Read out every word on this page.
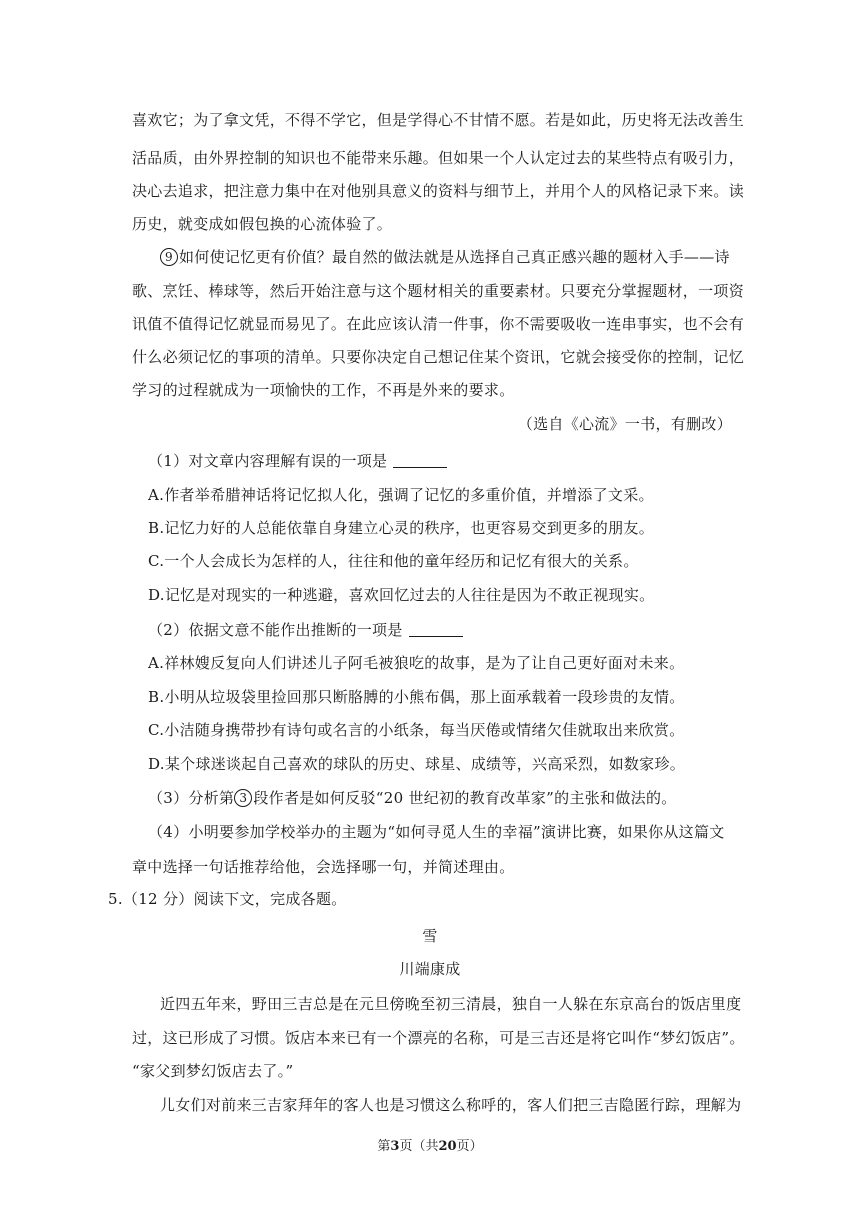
喜欢它；为了拿文凭，不得不学它，但是学得心不甘情不愿。若是如此，历史将无法改善生
活品质，由外界控制的知识也不能带来乐趣。但如果一个人认定过去的某些特点有吸引力，
决心去追求，把注意力集中在对他别具意义的资料与细节上，并用个人的风格记录下来。读
历史，就变成如假包换的心流体验了。
9 如何使记忆更有价值？最自然的做法就是从选择自己真正感兴趣的题材入手——诗
歌、烹饪、棒球等，然后开始注意与这个题材相关的重要素材。只要充分掌握题材，一项资
讯值不值得记忆就显而易见了。在此应该认清一件事，你不需要吸收一连串事实，也不会有
什么必须记忆的事项的清单。只要你决定自己想记住某个资讯，它就会接受你的控制，记忆
学习的过程就成为一项愉快的工作，不再是外来的要求。
（选自《心流》一书，有删改）
（1）对文章内容理解有误的一项是
A.作者举希腊神话将记忆拟人化，强调了记忆的多重价值，并增添了文采。
B.记忆力好的人总能依靠自身建立心灵的秩序，也更容易交到更多的朋友。
C.一个人会成长为怎样的人，往往和他的童年经历和记忆有很大的关系。
D.记忆是对现实的一种逃避，喜欢回忆过去的人往往是因为不敢正视现实。
（2）依据文意不能作出推断的一项是
A.祥林嫂反复向人们讲述儿子阿毛被狼吃的故事，是为了让自己更好面对未来。
B.小明从垃圾袋里捡回那只断胳膊的小熊布偶，那上面承载着一段珍贵的友情。
C.小洁随身携带抄有诗句或名言的小纸条，每当厌倦或情绪欠佳就取出来欣赏。
D.某个球迷谈起自己喜欢的球队的历史、球星、成绩等，兴高采烈，如数家珍。
（3）分析第 3 段作者是如何反驳“20 世纪初的教育改革家”的主张和做法的。
（4）小明要参加学校举办的主题为“如何寻觅人生的幸福”演讲比赛，如果你从这篇文
章中选择一句话推荐给他，会选择哪一句，并简述理由。
5.（12 分）阅读下文，完成各题。
雪
川端康成
近四五年来，野田三吉总是在元旦傍晚至初三清晨，独自一人躲在东京高台的饭店里度
过，这已形成了习惯。饭店本来已有一个漂亮的名称，可是三吉还是将它叫作“梦幻饭店”。
“家父到梦幻饭店去了。”
儿女们对前来三吉家拜年的客人也是习惯这么称呼的，客人们把三吉隐匿行踪，理解为
第3页（共20页）
